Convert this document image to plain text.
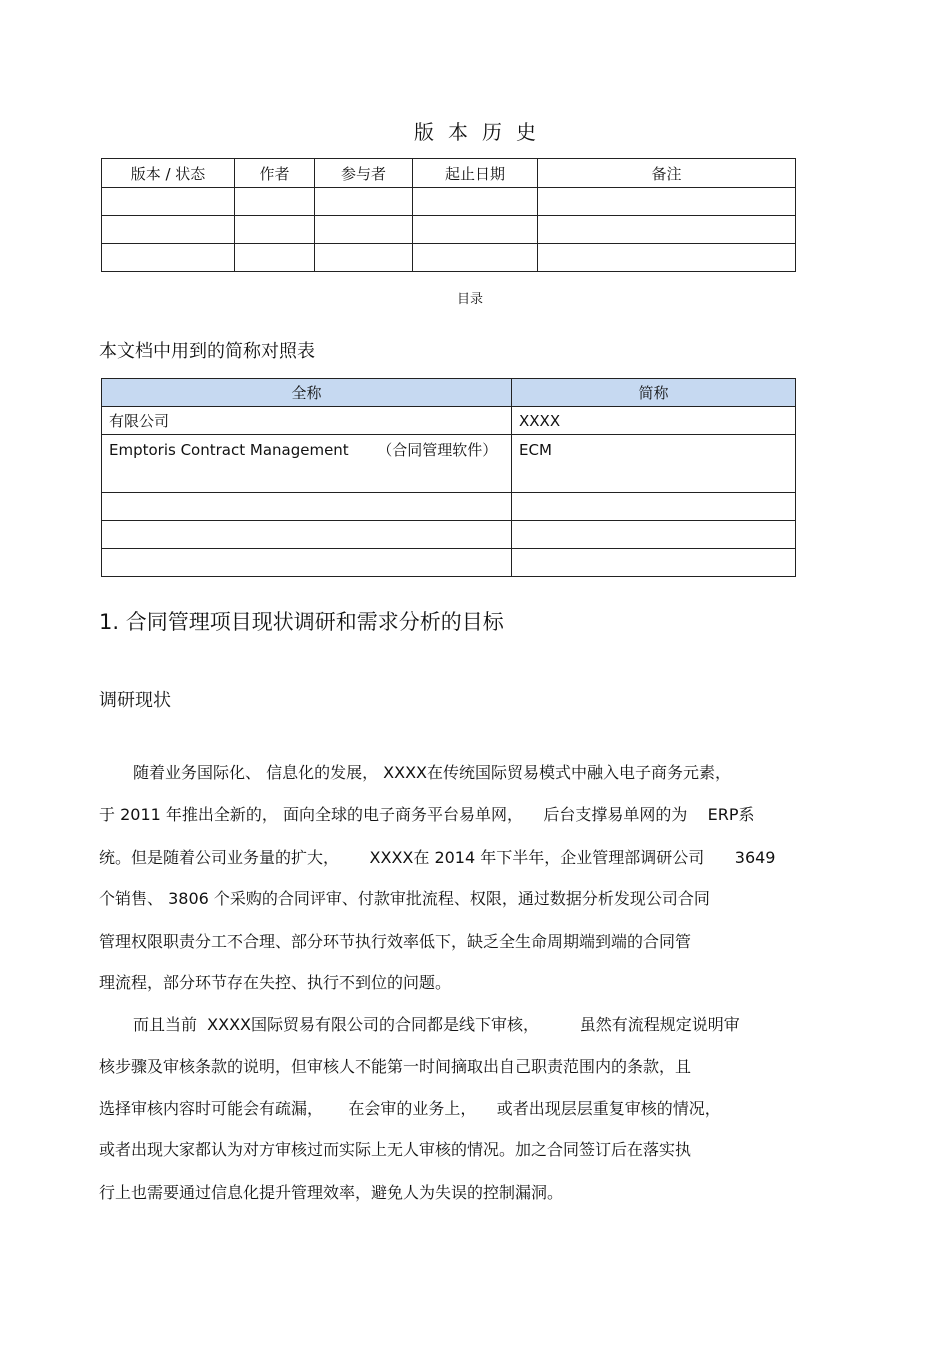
版本历史
版本 / 状态	作者	参与者	起止日期	备注

目录
本文档中用到的简称对照表
全称	简称
有限公司	XXXX
Emptoris Contract Management      （合同管理软件）	ECM

1. 合同管理项目现状调研和需求分析的目标
调研现状
随着业务国际化、 信息化的发展， XXXX在传统国际贸易模式中融入电子商务元素，
于 2011 年推出全新的， 面向全球的电子商务平台易单网，    后台支撑易单网的为    ERP系
统。但是随着公司业务量的扩大，      XXXX在 2014 年下半年，企业管理部调研公司      3649
个销售、 3806 个采购的合同评审、付款审批流程、权限，通过数据分析发现公司合同
管理权限职责分工不合理、部分环节执行效率低下，缺乏全生命周期端到端的合同管
理流程，部分环节存在失控、执行不到位的问题。
而且当前  XXXX国际贸易有限公司的合同都是线下审核，        虽然有流程规定说明审
核步骤及审核条款的说明，但审核人不能第一时间摘取出自己职责范围内的条款，且
选择审核内容时可能会有疏漏，     在会审的业务上，    或者出现层层重复审核的情况，
或者出现大家都认为对方审核过而实际上无人审核的情况。加之合同签订后在落实执
行上也需要通过信息化提升管理效率，避免人为失误的控制漏洞。
